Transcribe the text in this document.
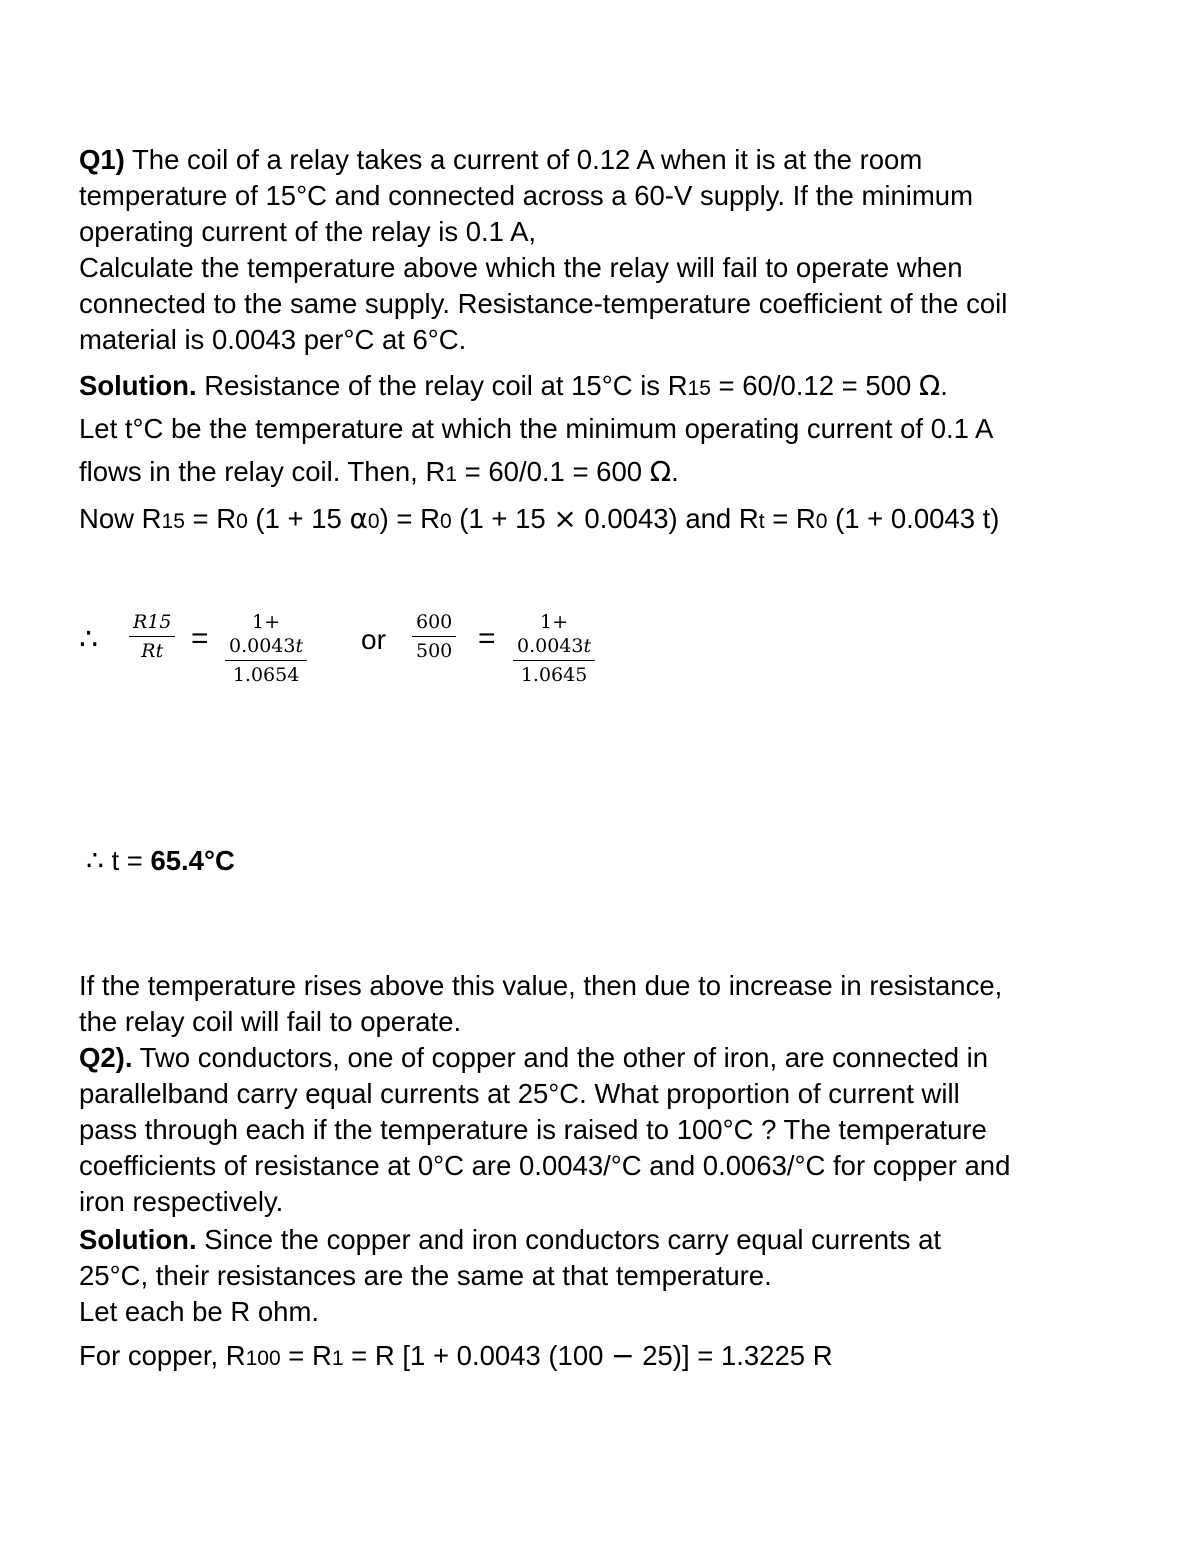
Q1) The coil of a relay takes a current of 0.12 A when it is at the room

temperature of 15°C and connected across a 60-V supply. If the minimum

operating current of the relay is 0.1 A,

Calculate the temperature above which the relay will fail to operate when

connected to the same supply. Resistance-temperature coefficient of the coil

material is 0.0043 per°C at 6°C.

Solution. Resistance of the relay coil at 15°C is R15 = 60/0.12 = 500 Ω.

Let t°C be the temperature at which the minimum operating current of 0.1 A

flows in the relay coil. Then, R1 = 60/0.1 = 600 Ω.

Now R15 = R0 (1 + 15 α0) = R0 (1 + 15 × 0.0043) and Rt = R0 (1 + 0.0043 t)

∴ R15
Rt =	1+ 0.0043t
1.0654
or
600
500 =	1+ 0.0043t
1.0645

∴ t = 65.4°C

If the temperature rises above this value, then due to increase in resistance,

the relay coil will fail to operate.

Q2). Two conductors, one of copper and the other of iron, are connected in

parallelband carry equal currents at 25°C. What proportion of current will

pass through each if the temperature is raised to 100°C ? The temperature

coefficients of resistance at 0°C are 0.0043/°C and 0.0063/°C for copper and

iron respectively.

Solution. Since the copper and iron conductors carry equal currents at

25°C, their resistances are the same at that temperature.

Let each be R ohm.

For copper, R100 = R1 = R [1 + 0.0043 (100 − 25)] = 1.3225 R
